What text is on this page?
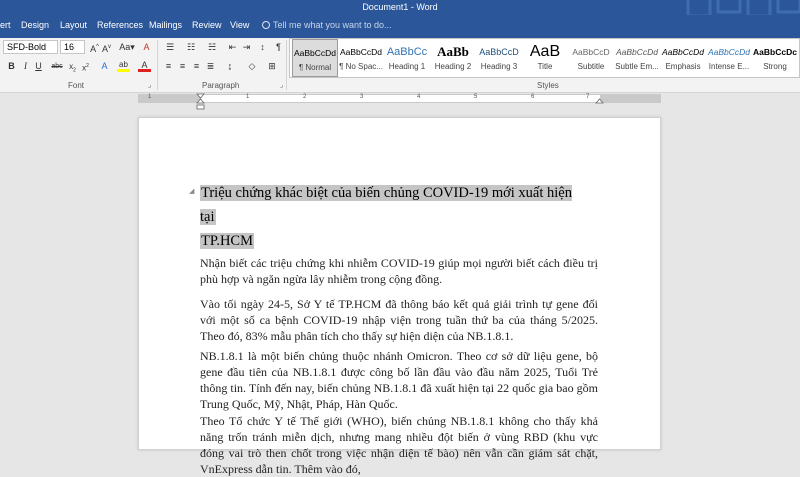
Document1 - Word
ert Design Layout References Mailings Review View	Tell me what you want to do...
SFD-Bold	16	A^ $A^v$ Aa▾ A
B	I U	abc $x_2$ $x^2$	A	ab	A
Font	⌟
☰	☷	☵	⇤ ⇥	↕	¶
≡ ≡ ≡ ≣	↨	◇	⊞
Paragraph	⌟
AaBbCcDd
¶ Normal
AaBbCcDd
¶ No Spac...
AaBbCc
Heading 1
AaBb
Heading 2
AaBbCcD
Heading 3
AaB
Title
AaBbCcD
Subtitle
AaBbCcDd
Subtle Em...
AaBbCcDd
Emphasis
AaBbCcDd
Intense E...
AaBbCcDc
Strong
Styles
1	1	2	3	4	5	6	7
◢ Triệu chứng khác biệt của biến chủng COVID-19 mới xuất hiện tại
TP.HCM
Nhận biết các triệu chứng khi nhiễm COVID-19 giúp mọi người biết cách điều trị phù hợp và ngăn ngừa lây nhiễm trong cộng đồng.
Vào tối ngày 24-5, Sở Y tế TP.HCM đã thông báo kết quả giải trình tự gene đối với một số ca bệnh COVID-19 nhập viện trong tuần thứ ba của tháng 5/2025. Theo đó, 83% mẫu phân tích cho thấy sự hiện diện của NB.1.8.1.
NB.1.8.1 là một biến chủng thuộc nhánh Omicron. Theo cơ sở dữ liệu gene, bộ gene đầu tiên của NB.1.8.1 được công bố lần đầu vào đầu năm 2025, Tuổi Trẻ thông tin. Tính đến nay, biến chủng NB.1.8.1 đã xuất hiện tại 22 quốc gia bao gồm Trung Quốc, Mỹ, Nhật, Pháp, Hàn Quốc.
Theo Tổ chức Y tế Thế giới (WHO), biến chủng NB.1.8.1 không cho thấy khả năng trốn tránh miễn dịch, nhưng mang nhiều đột biến ở vùng RBD (khu vực đóng vai trò then chốt trong việc nhận diện tế bào) nên vẫn cần giám sát chặt, VnExpress dẫn tin. Thêm vào đó,
